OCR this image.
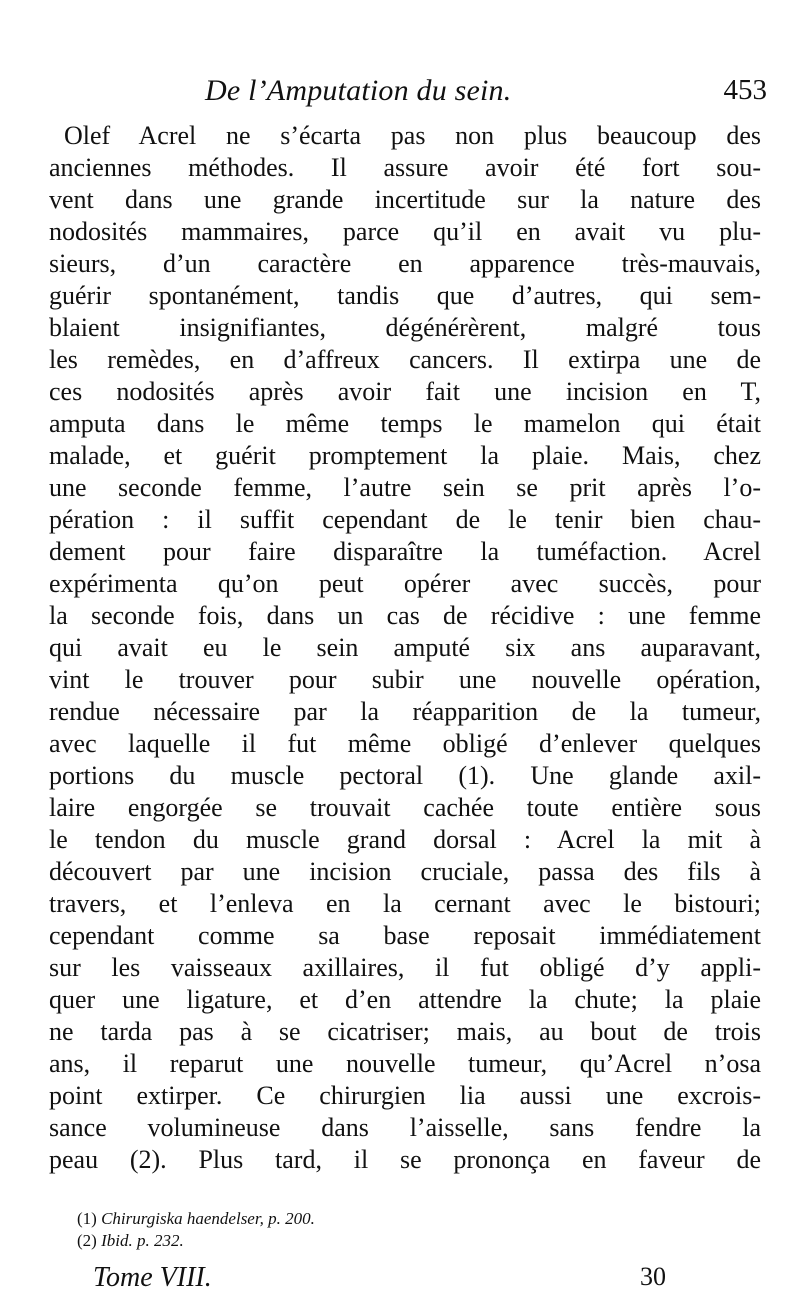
De l’Amputation du sein.	453
Olef Acrel ne s’écarta pas non plus beaucoup des
anciennes méthodes. Il assure avoir été fort sou-
vent dans une grande incertitude sur la nature des
nodosités mammaires, parce qu’il en avait vu plu-
sieurs, d’un caractère en apparence très-mauvais,
guérir spontanément, tandis que d’autres, qui sem-
blaient insignifiantes, dégénérèrent, malgré tous
les remèdes, en d’affreux cancers. Il extirpa une de
ces nodosités après avoir fait une incision en T,
amputa dans le même temps le mamelon qui était
malade, et guérit promptement la plaie. Mais, chez
une seconde femme, l’autre sein se prit après l’o-
pération : il suffit cependant de le tenir bien chau-
dement pour faire disparaître la tuméfaction. Acrel
expérimenta qu’on peut opérer avec succès, pour
la seconde fois, dans un cas de récidive : une femme
qui avait eu le sein amputé six ans auparavant,
vint le trouver pour subir une nouvelle opération,
rendue nécessaire par la réapparition de la tumeur,
avec laquelle il fut même obligé d’enlever quelques
portions du muscle pectoral (1). Une glande axil-
laire engorgée se trouvait cachée toute entière sous
le tendon du muscle grand dorsal : Acrel la mit à
découvert par une incision cruciale, passa des fils à
travers, et l’enleva en la cernant avec le bistouri;
cependant comme sa base reposait immédiatement
sur les vaisseaux axillaires, il fut obligé d’y appli-
quer une ligature, et d’en attendre la chute; la plaie
ne tarda pas à se cicatriser; mais, au bout de trois
ans, il reparut une nouvelle tumeur, qu’Acrel n’osa
point extirper. Ce chirurgien lia aussi une excrois-
sance volumineuse dans l’aisselle, sans fendre la
peau (2). Plus tard, il se prononça en faveur de
(1) Chirurgiska haendelser, p. 200.
(2) Ibid. p. 232.
Tome VIII.	30
